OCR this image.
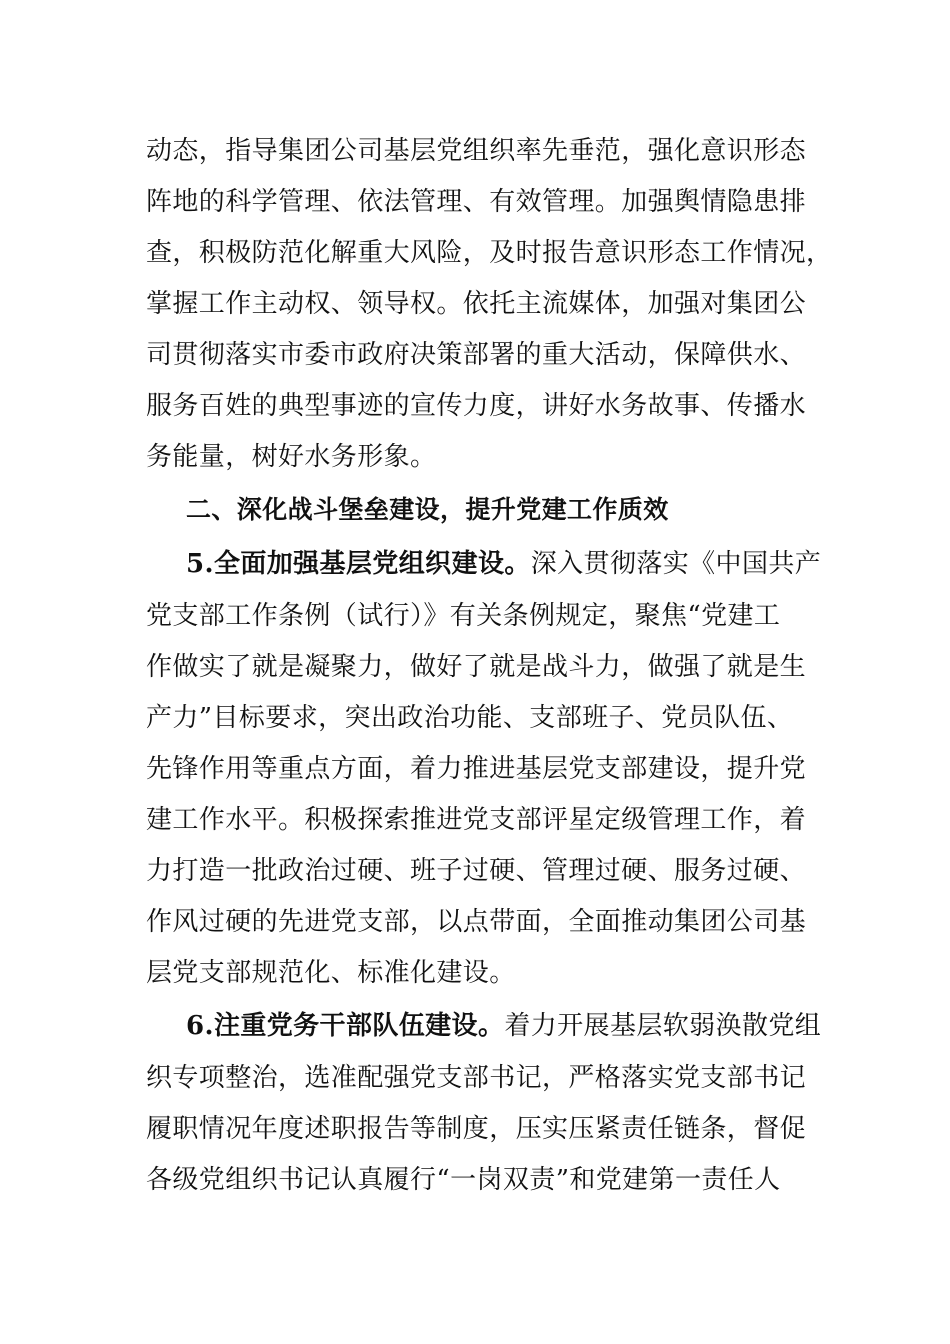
动态，指导集团公司基层党组织率先垂范，强化意识形态
阵地的科学管理、依法管理、有效管理。加强舆情隐患排
查，积极防范化解重大风险，及时报告意识形态工作情况，
掌握工作主动权、领导权。依托主流媒体，加强对集团公
司贯彻落实市委市政府决策部署的重大活动，保障供水、
服务百姓的典型事迹的宣传力度，讲好水务故事、传播水
务能量，树好水务形象。
二、深化战斗堡垒建设，提升党建工作质效
5.全面加强基层党组织建设。深入贯彻落实《中国共产
党支部工作条例（试行）》有关条例规定，聚焦“党建工
作做实了就是凝聚力，做好了就是战斗力，做强了就是生
产力”目标要求，突出政治功能、支部班子、党员队伍、
先锋作用等重点方面，着力推进基层党支部建设，提升党
建工作水平。积极探索推进党支部评星定级管理工作，着
力打造一批政治过硬、班子过硬、管理过硬、服务过硬、
作风过硬的先进党支部，以点带面，全面推动集团公司基
层党支部规范化、标准化建设。
6.注重党务干部队伍建设。着力开展基层软弱涣散党组
织专项整治，选准配强党支部书记，严格落实党支部书记
履职情况年度述职报告等制度，压实压紧责任链条，督促
各级党组织书记认真履行“一岗双责”和党建第一责任人
